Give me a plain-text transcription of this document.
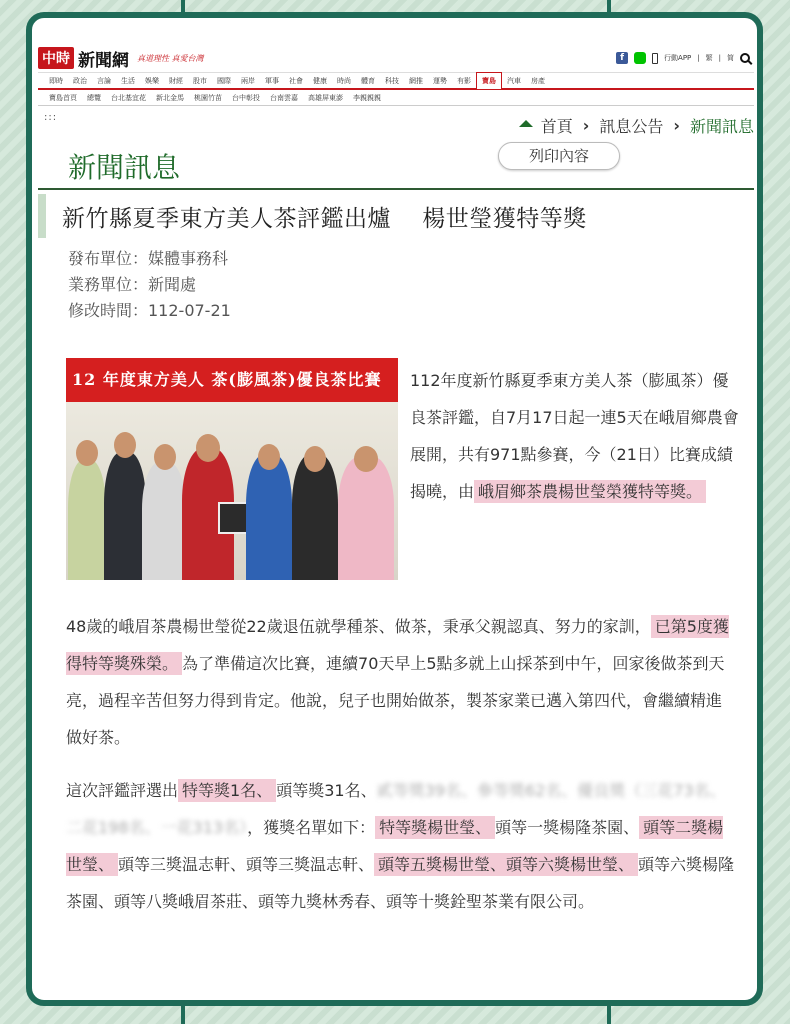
中時 新聞網 真道理性 真愛台灣	f	行動APP | 繁 | 简
即時	政治	言論	生活	娛樂	財經	股市	國際	兩岸	軍事	社會	健康	時尚	體育	科技	網推	運勢	有影	寶島	汽車	房產
寶島首頁	總覽	台北基宜花	新北金馬	桃園竹苗	台中彰投	台南雲嘉	高雄屏東澎	李親親親
:::	首頁 › 訊息公告 › 新聞訊息
新聞訊息	列印內容
新竹縣夏季東方美人茶評鑑出爐　 楊世瑩獲特等獎
發布單位：媒體事務科
業務單位：新聞處
修改時間：112-07-21
12 年度東方美人 茶(膨風茶)優良茶比賽	112年度新竹縣夏季東方美人茶（膨風茶）優良茶評鑑，自7月17日起一連5天在峨眉鄉農會展開，共有971點參賽，今（21日）比賽成績揭曉，由 峨眉鄉茶農楊世瑩榮獲特等獎。
48歲的峨眉茶農楊世瑩從22歲退伍就學種茶、做茶，秉承父親認真、努力的家訓， 已第5度獲得特等獎殊榮。 為了準備這次比賽，連續70天早上5點多就上山採茶到中午，回家後做茶到天亮，過程辛苦但努力得到肯定。他說，兒子也開始做茶，製茶家業已邁入第四代，會繼續精進做好茶。
這次評鑑評選出 特等獎1名、 頭等獎31名、貳等獎39名、參等獎62名、優良獎（三花73名、二花198名、一花313名），獲獎名單如下： 特等獎楊世瑩、 頭等一獎楊隆茶園、 頭等二獎楊世瑩、 頭等三獎温志軒、頭等三獎温志軒、 頭等五獎楊世瑩、頭等六獎楊世瑩、 頭等六獎楊隆茶園、頭等八獎峨眉茶莊、頭等九獎林秀春、頭等十獎銓聖茶業有限公司。
